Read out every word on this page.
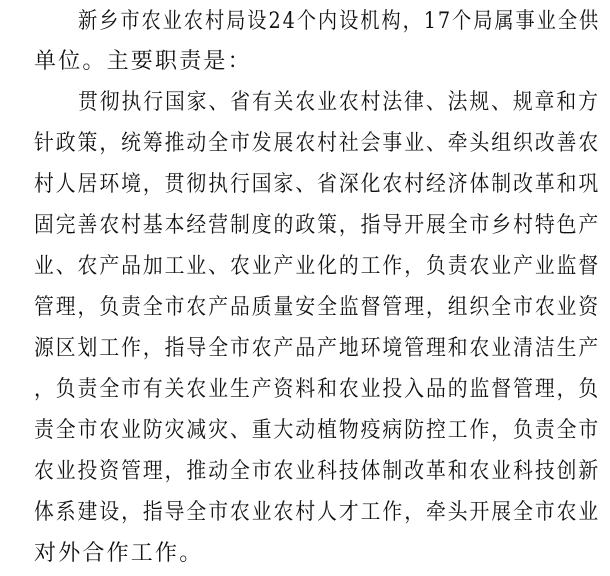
新乡市农业农村局设24个内设机构，17个局属事业全供
单位。主要职责是：
贯彻执行国家、省有关农业农村法律、法规、规章和方
针政策，统筹推动全市发展农村社会事业、牵头组织改善农
村人居环境，贯彻执行国家、省深化农村经济体制改革和巩
固完善农村基本经营制度的政策，指导开展全市乡村特色产
业、农产品加工业、农业产业化的工作，负责农业产业监督
管理，负责全市农产品质量安全监督管理，组织全市农业资
源区划工作，指导全市农产品产地环境管理和农业清洁生产
，负责全市有关农业生产资料和农业投入品的监督管理，负
责全市农业防灾减灾、重大动植物疫病防控工作，负责全市
农业投资管理，推动全市农业科技体制改革和农业科技创新
体系建设，指导全市农业农村人才工作，牵头开展全市农业
对外合作工作。
